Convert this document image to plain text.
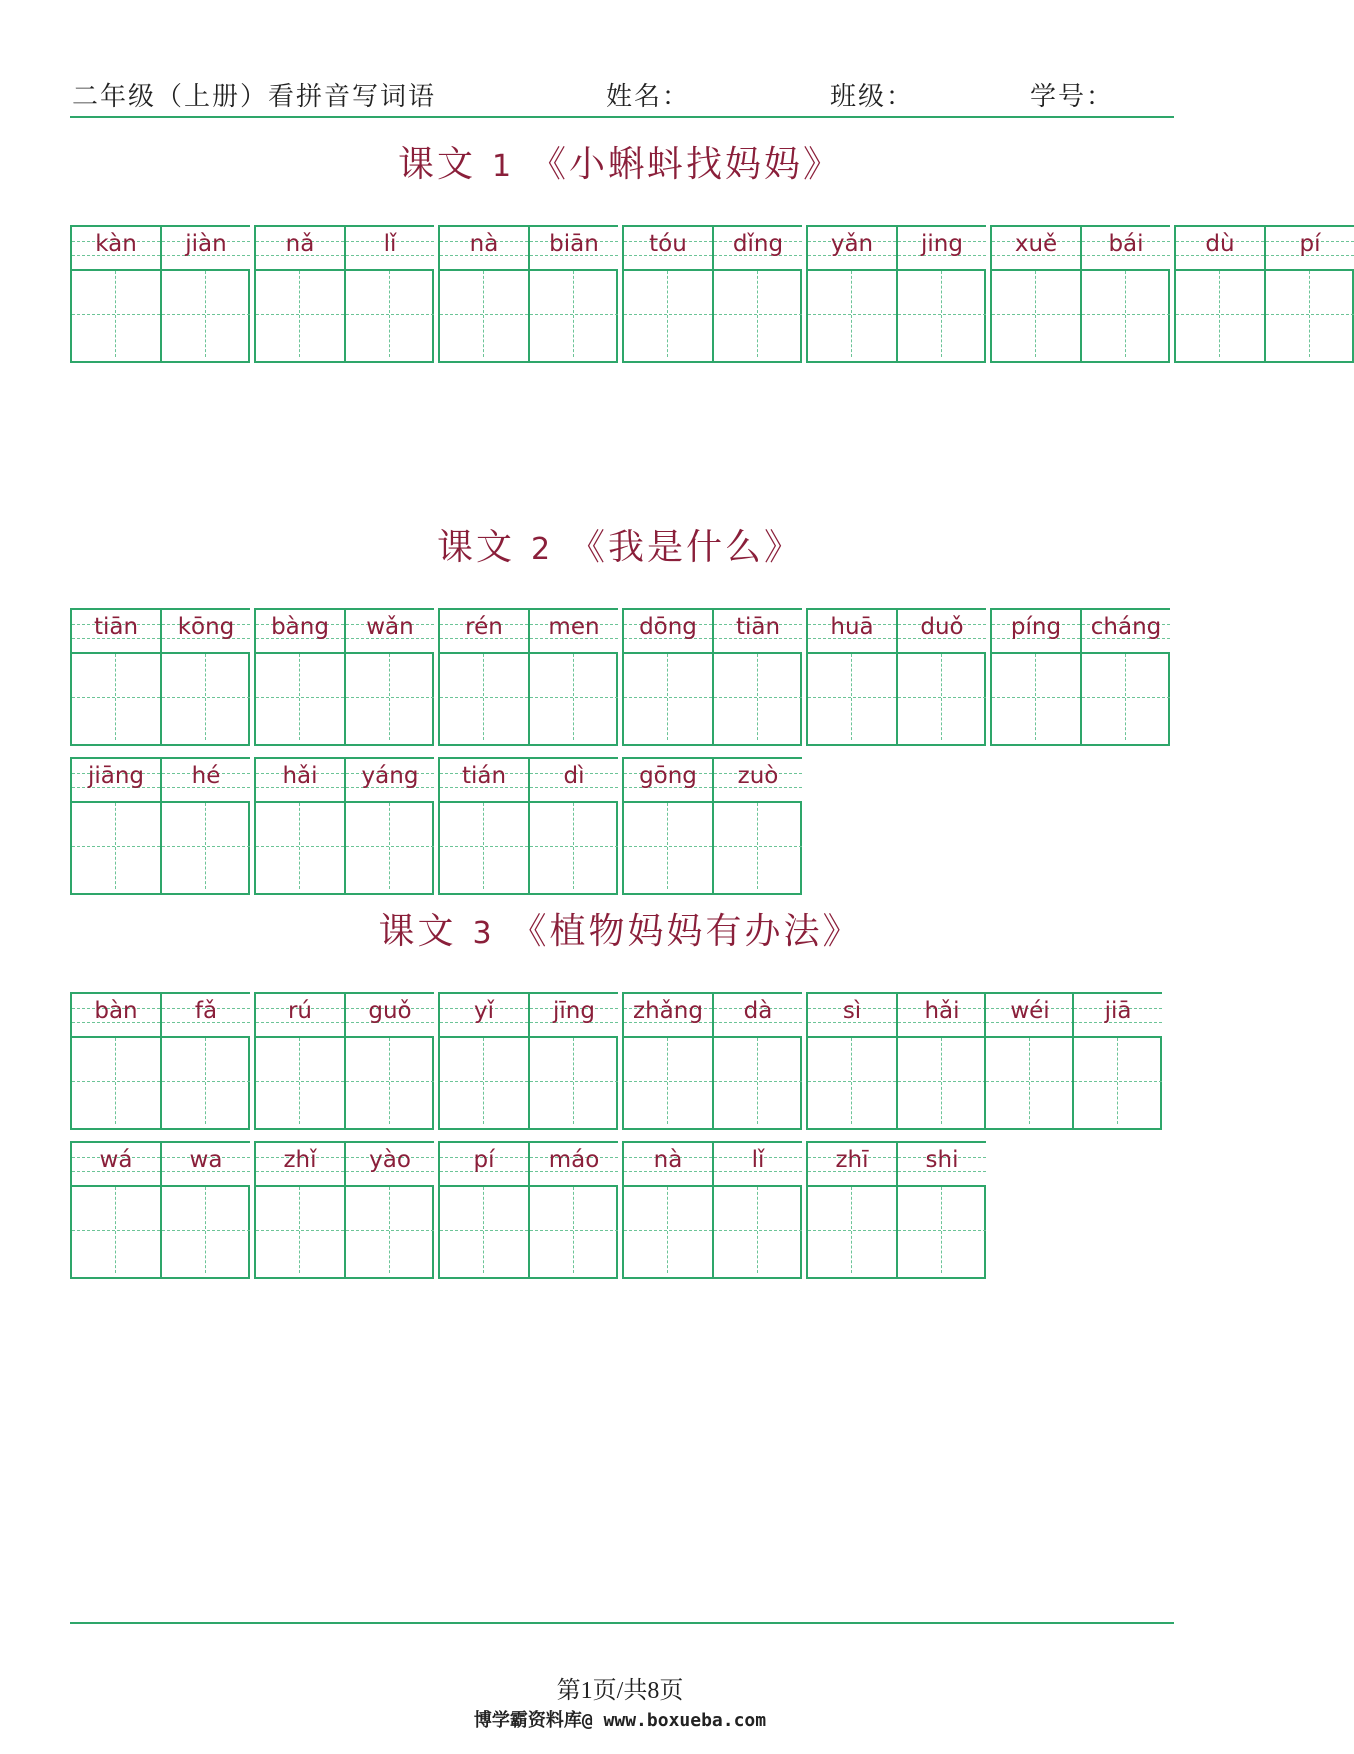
二年级（上册）看拼音写词语	姓名：	班级：	学号：
课文 1 《小蝌蚪找妈妈》
kàn	jiàn	nǎ	lǐ	nà	biān	tóu	dǐng	yǎn	jing	xuě	bái	dù	pí
课文 2 《我是什么》
tiān	kōng	bàng	wǎn	rén	men	dōng	tiān	huā	duǒ	píng	cháng
jiāng	hé	hǎi	yáng	tián	dì	gōng	zuò
课文 3 《植物妈妈有办法》
bàn	fǎ	rú	guǒ	yǐ	jīng	zhǎng	dà	sì	hǎi	wéi	jiā
wá	wa	zhǐ	yào	pí	máo	nà	lǐ	zhī	shi
第1页/共8页
博学霸资料库@ www.boxueba.com
